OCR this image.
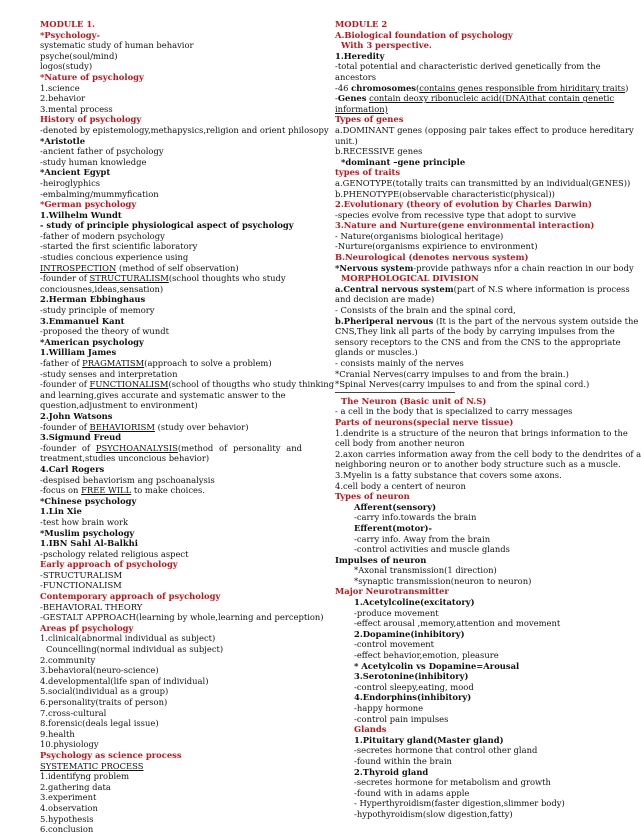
MODULE 1.
*Psychology-
systematic study of human behavior
psyche(soul/mind)
logos(study)
*Nature of psychology
1.science
2.behavior
3.mental process
History of psychology
-denoted by epistemology,methapysics,religion and orient philosopy
*Aristotle
-ancient father of psychology
-study human knowledge
*Ancient Egypt
-heiroglyphics
-embalming/mummyfication
*German psychology
1.Wilhelm Wundt
- study of principle physiological aspect of psychology
-father of modern psychology
-started the first scientific laboratory
-studies concious experience using
INTROSPECTION (method of self observation)
-founder of STRUCTURALISM(school thoughts who study
conciousnes,ideas,sensation)
2.Herman Ebbinghaus
-study principle of memory
3.Emmanuel Kant
-proposed the theory of wundt
*American psychology
1.William James
-father of PRAGMATISM(approach to solve a problem)
-study senses and interpretation
-founder of FUNCTIONALISM(school of thougths who study thinking
and learning,gives accurate and systematic answer to the
question,adjustment to environment)
2.John Watsons
-founder of BEHAVIORISM (study over behavior)
3.Sigmund Freud
-founder of PSYCHOANALYSIS(method of personality and
treatment,studies unconcious behavior)
4.Carl Rogers
-despised behaviorism ang pschoanalysis
-focus on FREE WILL to make choices.
*Chinese psychology
1.Lin Xie
-test how brain work
*Muslim psychology
1.IBN Sahl Al-Balkhi
-pschology related religious aspect
Early approach of psychology
-STRUCTURALISM
-FUNCTIONALISM
Contemporary approach of psychology
-BEHAVIORAL THEORY
-GESTALT APPROACH(learning by whole,learning and perception)
Areas pf psychology
1.clinical(abnormal individual as subject)
Councelling(normal individual as subject)
2.community
3.behavioral(neuro-science)
4.developmental(life span of individual)
5.social(individual as a group)
6.personality(traits of person)
7.cross-cultural
8.forensic(deals legal issue)
9.health
10.physiology
Psychology as science process
SYSTEMATIC PROCESS
1.identifyng problem
2.gathering data
3.experiment
4.observation
5.hypothesis
6.conclusion
MODULE 2
A.Biological foundation of psychology
With 3 perspective.
1.Heredity
-total potential and characteristic derived genetically from the
ancestors
-46 chromosomes(contains genes responsible from hiriditary traits)
-Genes contain deoxy ribonucleic acid((DNA)that contain genetic
information)
Types of genes
a.DOMINANT genes (opposing pair takes effect to produce hereditary
unit.)
b.RECESSIVE genes
*dominant –gene principle
types of traits
a.GENOTYPE(totally traits can transmitted by an individual(GENES))
b.PHENOTYPE(observable characteristic(physical))
2.Evolutionary (theory of evolution by Charles Darwin)
-species evolve from recessive type that adopt to survive
3.Nature and Nurture(gene environmental interaction)
- Nature(organisms biological heritage)
-Nurture(organisms expirience to environment)
B.Neurological (denotes nervous system)
*Nervous system-provide pathways nfor a chain reaction in our body
MORPHOLOGICAL DIVISION
a.Central nervous system(part of N.S where information is process
and decision are made)
- Consists of the brain and the spinal cord,
b.Pheriperal nervous (It is the part of the nervous system outside the
CNS,They link all parts of the body by carrying impulses from the
sensory receptors to the CNS and from the CNS to the appropriate
glands or muscles.)
- consists mainly of the nerves
*Cranial Nerves(carry impulses to and from the brain.)
*Spinal Nerves(carry impulses to and from the spinal cord.)
The Neuron (Basic unit of N.S)
- a cell in the body that is specialized to carry messages
Parts of neurons(special nerve tissue)
1.dendrite is a structure of the neuron that brings information to the
cell body from another neuron
2.axon carries information away from the cell body to the dendrites of a
neighboring neuron or to another body structure such as a muscle.
3.Myelin is a fatty substance that covers some axons.
4.cell body a centert of neuron
Types of neuron
Afferent(sensory)
-carry info.towards the brain
Efferent(motor)-
-carry info. Away from the brain
-control activities and muscle glands
Impulses of neuron
*Axonal transmission(1 direction)
*synaptic transmission(neuron to neuron)
Major Neurotransmitter
1.Acetylcoline(excitatory)
-produce movement
-effect arousal ,memory,attention and movement
2.Dopamine(inhibitory)
-control movement
-effect behavior,emotion, pleasure
* Acetylcolin vs Dopamine=Arousal
3.Serotonine(inhibitory)
-control sleepy,eating, mood
4.Endorphins(inhibitory)
-happy hormone
-control pain impulses
Glands
1.Pituitary gland(Master gland)
-secretes hormone that control other gland
-found within the brain
2.Thyroid gland
-secretes hormone for metabolism and growth
-found with in adams apple
- Hyperthyroidism(faster digestion,slimmer body)
-hypothyroidism(slow digestion,fatty)
